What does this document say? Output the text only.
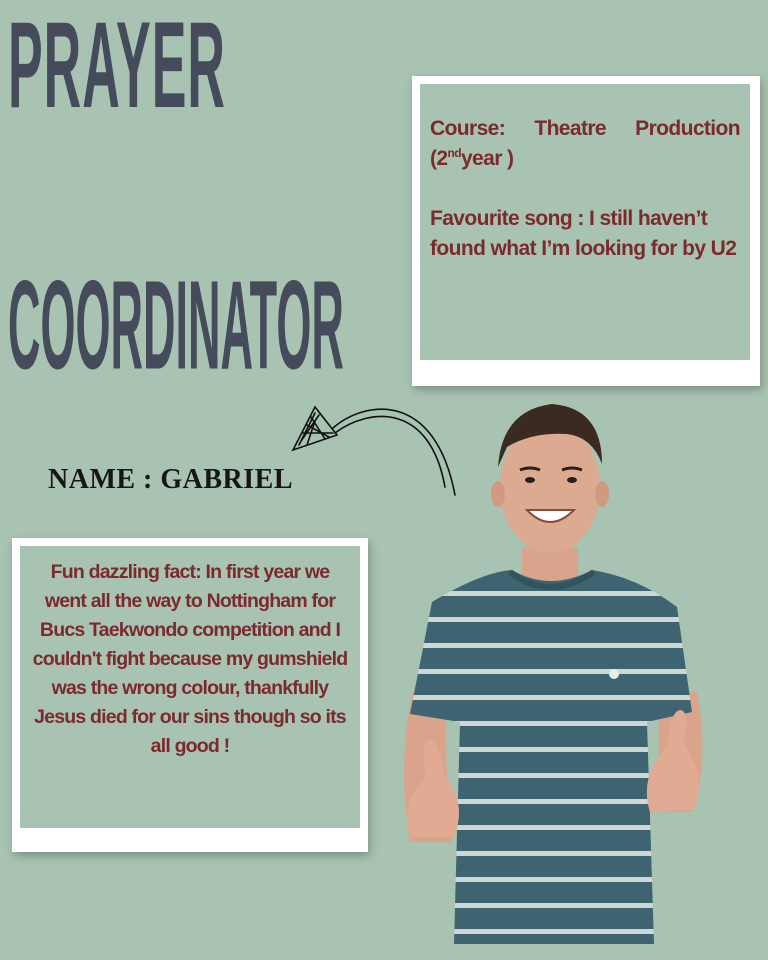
PRAYER
COORDINATOR
Course: Theatre Production (2ndyear )
Favourite song : I still haven’t found what I’m looking for by U2
NAME : GABRIEL
Fun dazzling fact: In first year we went all the way to Nottingham for Bucs Taekwondo competition and I couldn't fight because my gumshield was the wrong colour, thankfully Jesus died for our sins though so its all good !
